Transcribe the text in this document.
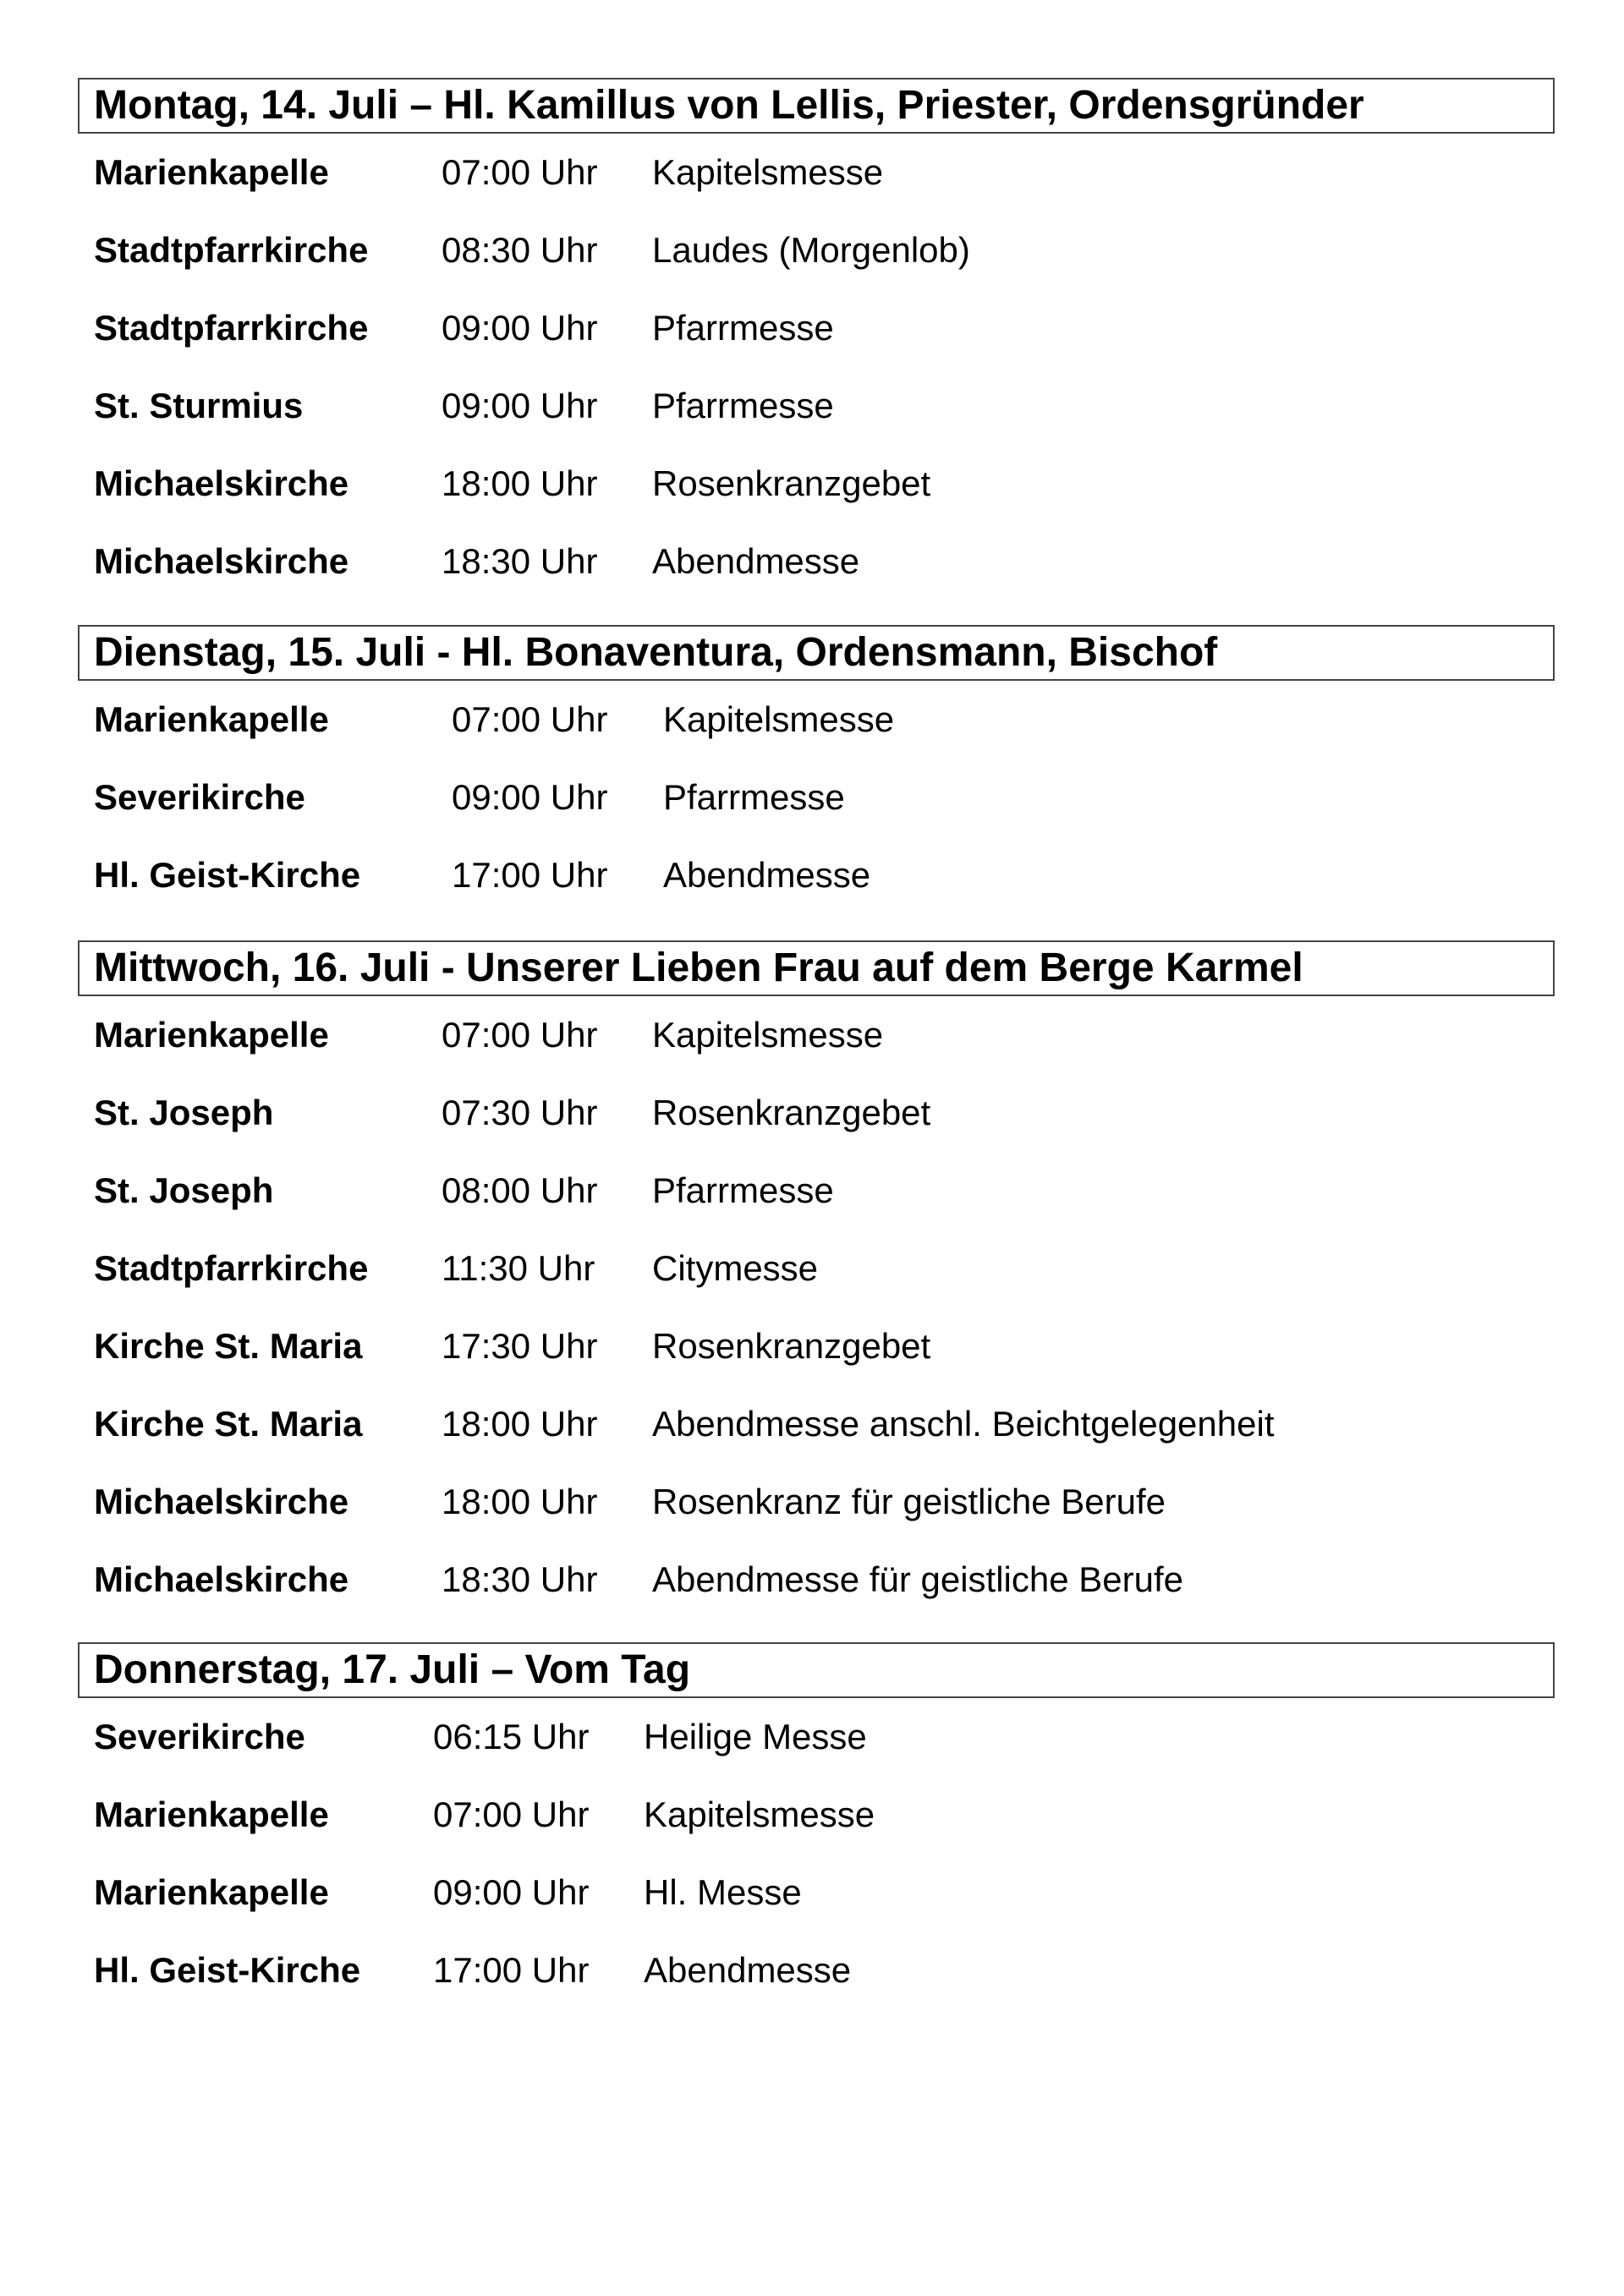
Montag, 14. Juli – Hl. Kamillus von Lellis, Priester, Ordensgründer
Marienkapelle	07:00 Uhr Kapitelsmesse
Stadtpfarrkirche 08:30 Uhr Laudes (Morgenlob)
Stadtpfarrkirche 09:00 Uhr Pfarrmesse
St. Sturmius	09:00 Uhr Pfarrmesse
Michaelskirche	18:00 Uhr Rosenkranzgebet
Michaelskirche	18:30 Uhr Abendmesse
Dienstag, 15. Juli - Hl. Bonaventura, Ordensmann, Bischof
Marienkapelle	07:00 Uhr Kapitelsmesse
Severikirche	09:00 Uhr Pfarrmesse
Hl. Geist-Kirche	17:00 Uhr Abendmesse
Mittwoch, 16. Juli - Unserer Lieben Frau auf dem Berge Karmel
Marienkapelle	07:00 Uhr Kapitelsmesse
St. Joseph	07:30 Uhr Rosenkranzgebet
St. Joseph	08:00 Uhr Pfarrmesse
Stadtpfarrkirche 11:30 Uhr Citymesse
Kirche St. Maria 17:30 Uhr Rosenkranzgebet
Kirche St. Maria 18:00 Uhr Abendmesse anschl. Beichtgelegenheit
Michaelskirche	18:00 Uhr Rosenkranz für geistliche Berufe
Michaelskirche	18:30 Uhr Abendmesse für geistliche Berufe
Donnerstag, 17. Juli – Vom Tag
Severikirche	06:15 Uhr Heilige Messe
Marienkapelle	07:00 Uhr Kapitelsmesse
Marienkapelle	09:00 Uhr Hl. Messe
Hl. Geist-Kirche 17:00 Uhr Abendmesse
